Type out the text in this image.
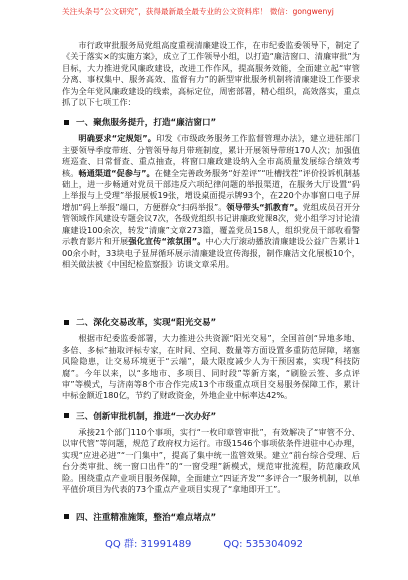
关注头条号“公文研究”，获得最新最全最专业的公文资料库！ 微信：gongwenyj

市行政审批服务局党组高度重视清廉建设工作，在市纪委监委领导下，制定了《关于落实×的实施方案》，成立了工作领导小组，以打造“廉洁窗口、清廉审批”为目标，大力推进党风廉政建设，改进工作作风，提高服务效能，全面建立起“审管分离、事权集中、服务高效、监督有力”的新型审批服务机制将清廉建设工作要求作为全年党风廉政建设的线索，高标定位，周密部署，精心组织，高效落实，重点抓了以下七项工作：

一、聚焦服务提升，打造“廉洁窗口”

明确要求“定规矩”。印发《市级政务服务工作监督管理办法》，建立进驻部门主要领导季度带班、分管领导每月带班制度，累计开展领导带班170人次；加强值班巡查、日常督查、重点抽查，将窗口廉政建设纳入全市高质量发展综合绩效考核。畅通渠道“促参与”。在健全完善政务服务“好差评”“吐槽找茬”评价投诉机制基础上，进一步畅通对党员干部违反六项纪律问题的举报渠道，在服务大厅设置“码上举报与上受理”举报展板19张，增设桌面提示牌93个，在220个办事窗口电子屏增加“码上举报”端口，方便群众“扫码举报”。领导带头“抓教育”。党组成员召开分管领域作风建设专题会议7次，各级党组织书记讲廉政党课8次，党小组学习讨论清廉建设100余次，转发“清廉”文章273篇，覆盖党员158人，组织党员干部收看警示教育影片和开展强化宣传“浓氛围”。中心大厅滚动播放清廉建设公益广告累计100余小时，33块电子显屏循环展示清廉建设宣传海报，制作廉洁文化展板10个，相关做法被《中国纪检监察报》访谈文章采用。

二、深化交易改革，实现“阳光交易”

根据市纪委监委部署，大力推进公共资源“阳光交易”，全国首创“异地多地、多倍、多标”抽取评标专家，在时间、空间、数量等方面设置多重防范屏障，堵塞风险隐患，让交易环境更于“云端”，最大限度减少人为干预因素，实现“科技防腐”。今年以来，以“多地市、多项目、同时段”等新方案，“刷脸云签、多点评审”等模式，与济南等8个市合作完成13个市级重点项目交易服务保障工作，累计中标金额近180亿，节约了财政资金，外地企业中标率达42%。

三、创新审批机制，推进“一次办好”

承接21个部门110个事项，实行“一枚印章管审批”，有效解决了“审管不分、以审代管”等问题，规范了政府权力运行。市级1546个事项依条件进驻中心办理，实现“应进必进”“一门集中”，提高了集中统一监管效果。建立“前台综合受理、后台分类审批、统一窗口出件”的“一窗受理”新模式，规范审批流程，防范廉政风险。围绕重点产业项目服务保障，全面建立“四证齐发”“多评合一”服务机制，以单平值价项目为代表的73个重点产业项目实现了“拿地即开工”。

四、注重精准施策，整治“难点堵点”
QQ 群: 31991489	QQ: 535304092
